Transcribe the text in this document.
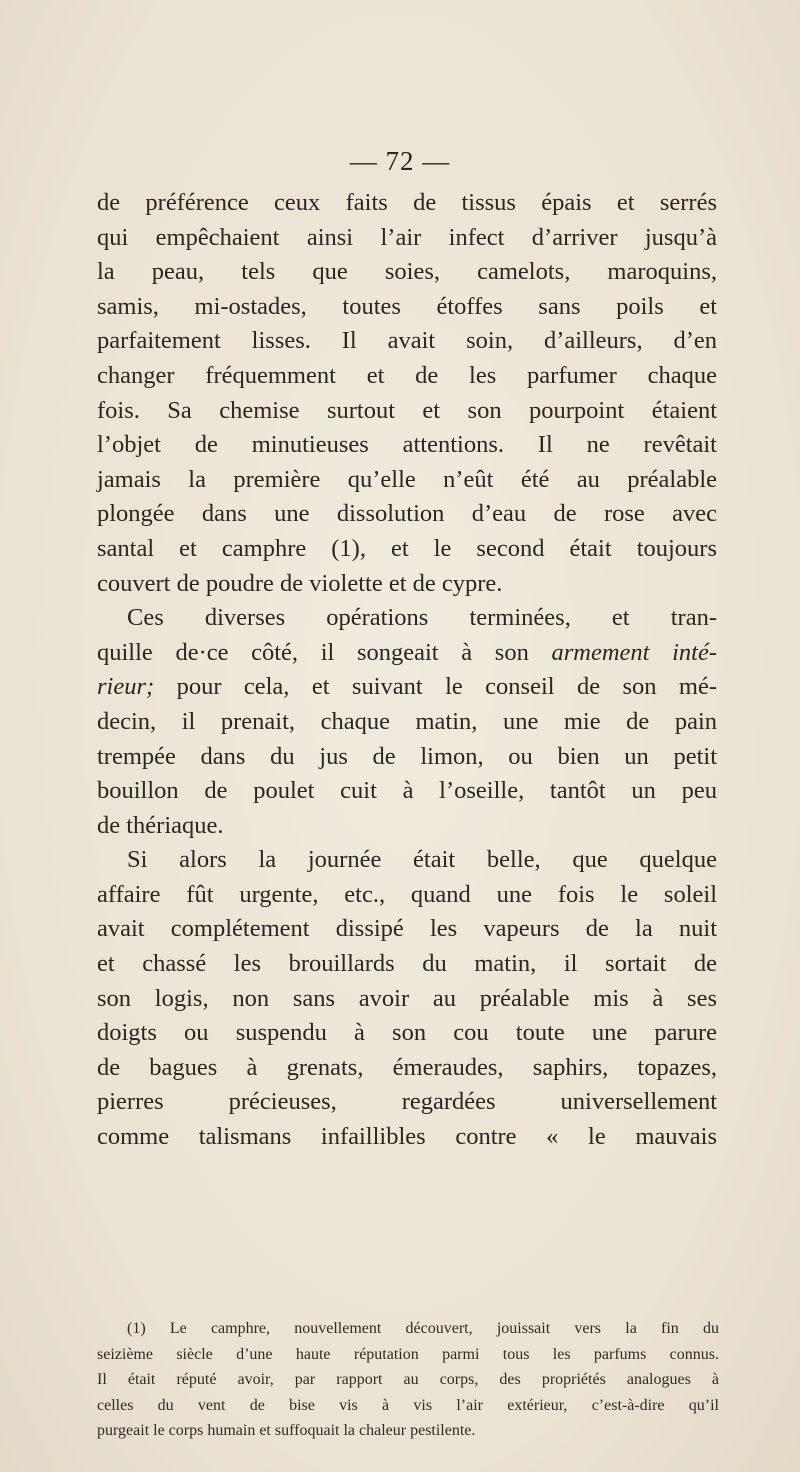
— 72 —
de préférence ceux faits de tissus épais et serrés
qui empêchaient ainsi l’air infect d’arriver jusqu’à
la peau, tels que soies, camelots, maroquins,
samis, mi-ostades, toutes étoffes sans poils et
parfaitement lisses. Il avait soin, d’ailleurs, d’en
changer fréquemment et de les parfumer chaque
fois. Sa chemise surtout et son pourpoint étaient
l’objet de minutieuses attentions. Il ne revêtait
jamais la première qu’elle n’eût été au préalable
plongée dans une dissolution d’eau de rose avec
santal et camphre (1), et le second était toujours
couvert de poudre de violette et de cypre.
Ces diverses opérations terminées, et tran-
quille de·ce côté, il songeait à son armement inté-
rieur; pour cela, et suivant le conseil de son mé-
decin, il prenait, chaque matin, une mie de pain
trempée dans du jus de limon, ou bien un petit
bouillon de poulet cuit à l’oseille, tantôt un peu
de thériaque.
Si alors la journée était belle, que quelque
affaire fût urgente, etc., quand une fois le soleil
avait complétement dissipé les vapeurs de la nuit
et chassé les brouillards du matin, il sortait de
son logis, non sans avoir au préalable mis à ses
doigts ou suspendu à son cou toute une parure
de bagues à grenats, émeraudes, saphirs, topazes,
pierres précieuses, regardées universellement
comme talismans infaillibles contre « le mauvais
(1) Le camphre, nouvellement découvert, jouissait vers la fin du
seizième siècle d’une haute réputation parmi tous les parfums connus.
Il était réputé avoir, par rapport au corps, des propriétés analogues à
celles du vent de bise vis à vis l’air extérieur, c’est-à-dire qu’il
purgeait le corps humain et suffoquait la chaleur pestilente.
